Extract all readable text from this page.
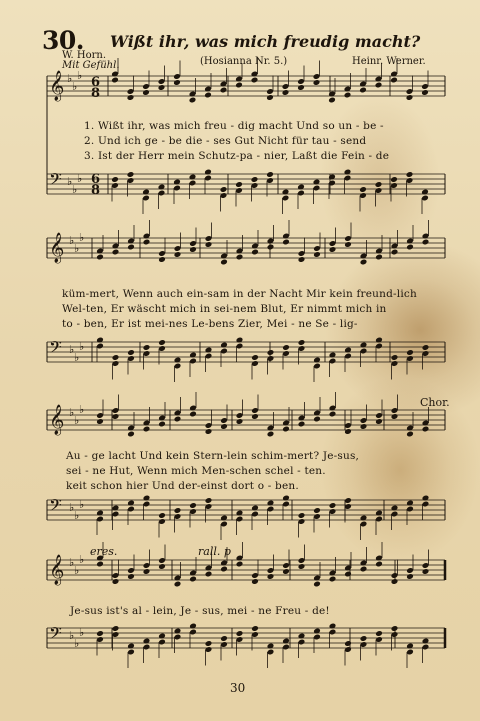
30. Wißt ihr, was mich freudig macht?
W. Horn.
Mit Gefühl.	(Hosianna Nr. 5.)	Heinr. Werner.
𝄞 ♭
♭
♭
𝄢 ♭
♭
♭
𝄞 ♭
♭
♭
𝄢 ♭
♭
♭
𝄞 ♭
♭
♭
𝄢 ♭
♭
♭
𝄞 ♭
♭
♭
𝄢 ♭
♭
♭
6
8
6
8
1. Wißt ihr, was mich freu - dig macht Und so un - be -
2. Und ich ge - be die - ses Gut Nicht für tau - send
3. Ist der Herr mein Schutz-pa - nier, Laßt die Fein - de
küm-mert, Wenn auch ein-sam in der Nacht Mir kein freund-lich
Wel-ten, Er wäscht mich in sei-nem Blut, Er nimmt mich in
to - ben, Er ist mei-nes Le-bens Zier, Mei - ne Se - lig-
Chor.
Au - ge lacht Und kein Stern-lein schim-mert? Je-sus,
sei - ne Hut, Wenn mich Men-schen schel - ten.
keit schon hier Und der-einst dort o - ben.
eres.	rall. p
Je-sus ist's al - lein, Je - sus, mei - ne Freu - de!
30
